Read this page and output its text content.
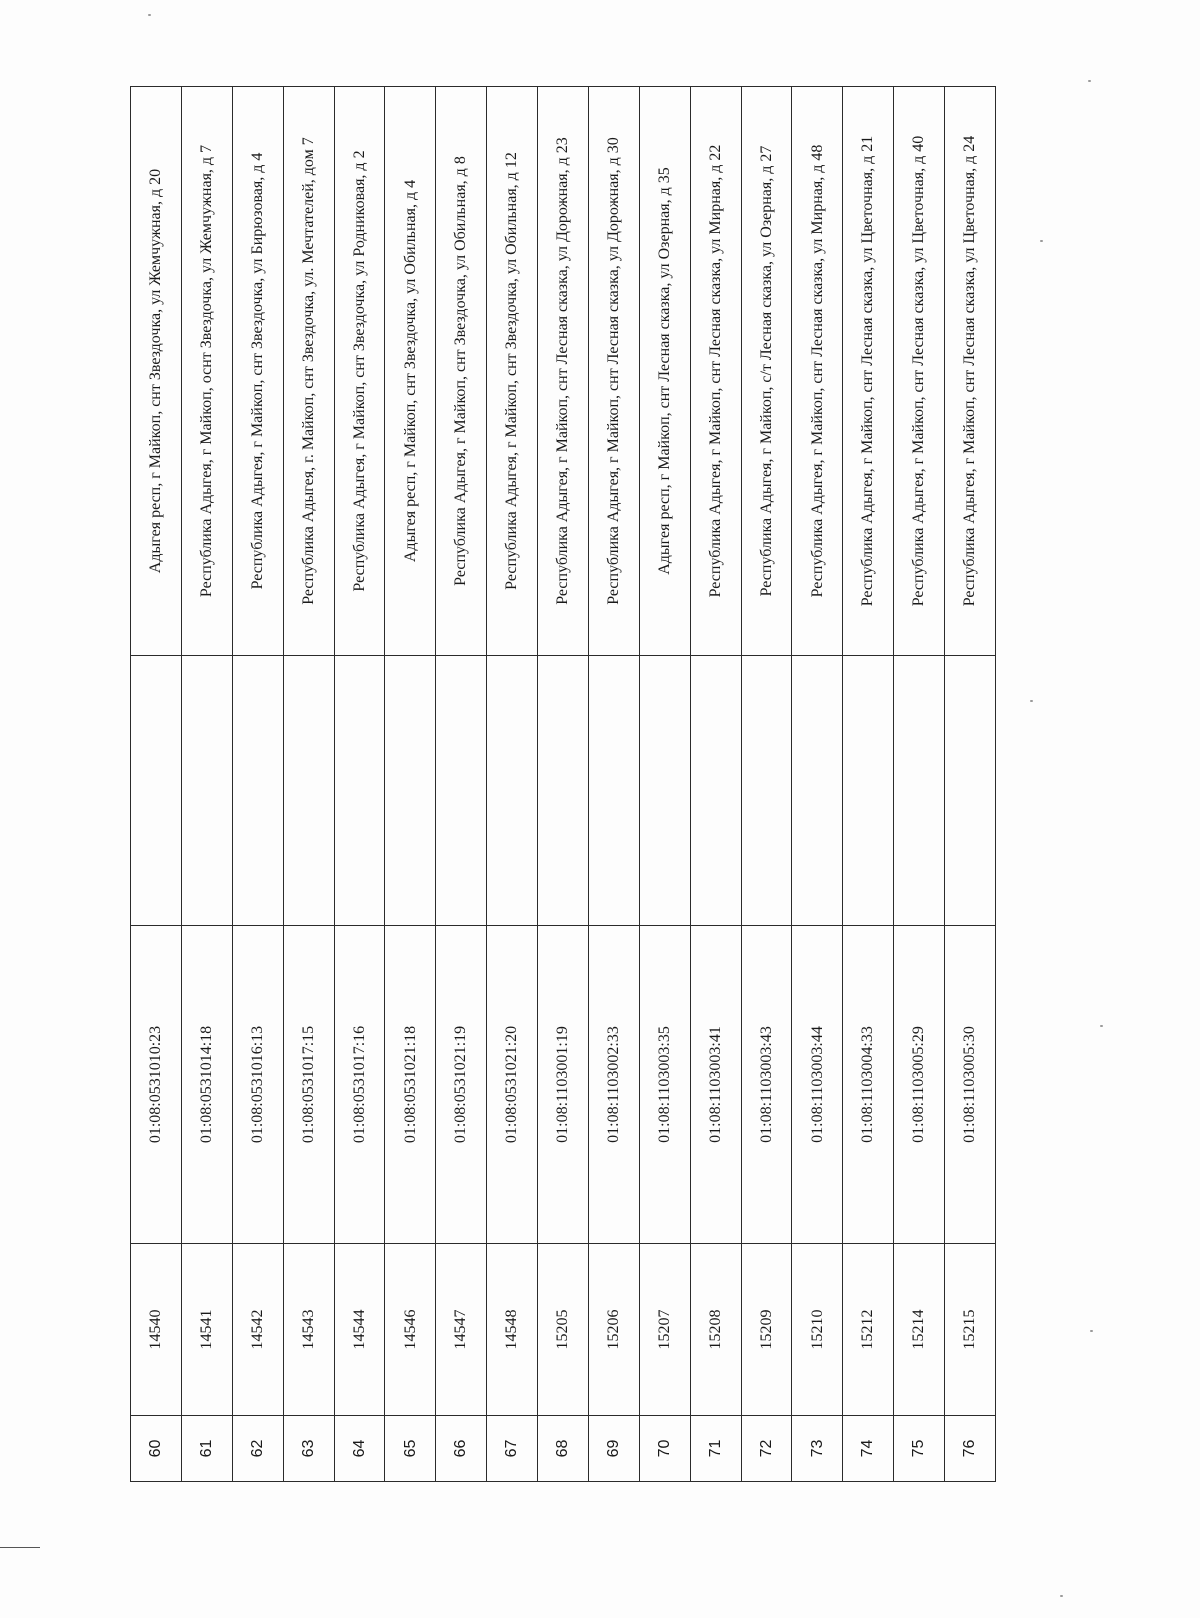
60	14540	01:08:0531010:23		Адыгея респ, г Майкоп, снт Звездочка, ул Жемчужная, д 20
61	14541	01:08:0531014:18		Республика Адыгея, г Майкоп, оснт Звездочка, ул Жемчужная, д 7
62	14542	01:08:0531016:13		Республика Адыгея, г Майкоп, снт Звездочка, ул Бирюзовая, д 4
63	14543	01:08:0531017:15		Республика Адыгея, г. Майкоп, снт Звездочка, ул. Мечтателей, дом 7
64	14544	01:08:0531017:16		Республика Адыгея, г Майкоп, снт Звездочка, ул Родниковая, д 2
65	14546	01:08:0531021:18		Адыгея респ, г Майкоп, снт Звездочка, ул Обильная, д 4
66	14547	01:08:0531021:19		Республика Адыгея, г Майкоп, снт Звездочка, ул Обильная, д 8
67	14548	01:08:0531021:20		Республика Адыгея, г Майкоп, снт Звездочка, ул Обильная, д 12
68	15205	01:08:1103001:19		Республика Адыгея, г Майкоп, снт Лесная сказка, ул Дорожная, д 23
69	15206	01:08:1103002:33		Республика Адыгея, г Майкоп, снт Лесная сказка, ул Дорожная, д 30
70	15207	01:08:1103003:35		Адыгея респ, г Майкоп, снт Лесная сказка, ул Озерная, д 35
71	15208	01:08:1103003:41		Республика Адыгея, г Майкоп, снт Лесная сказка, ул Мирная, д 22
72	15209	01:08:1103003:43		Республика Адыгея, г Майкоп, с/т Лесная сказка, ул Озерная, д 27
73	15210	01:08:1103003:44		Республика Адыгея, г Майкоп, снт Лесная сказка, ул Мирная, д 48
74	15212	01:08:1103004:33		Республика Адыгея, г Майкоп, снт Лесная сказка, ул Цветочная, д 21
75	15214	01:08:1103005:29		Республика Адыгея, г Майкоп, снт Лесная сказка, ул Цветочная, д 40
76	15215	01:08:1103005:30		Республика Адыгея, г Майкоп, снт Лесная сказка, ул Цветочная, д 24
